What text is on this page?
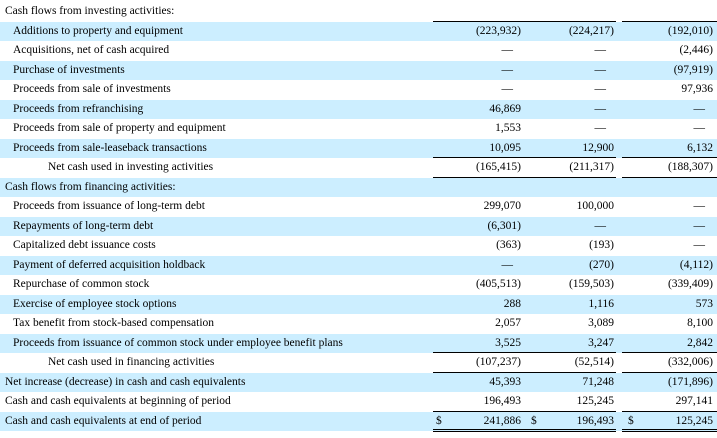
Cash flows from investing activities:
Additions to property and equipment	(223,932)	(224,217)	(192,010)
Acquisitions, net of cash acquired	—	—	(2,446)
Purchase of investments	—	—	(97,919)
Proceeds from sale of investments	—	—	97,936
Proceeds from refranchising	46,869	—	—
Proceeds from sale of property and equipment	1,553	—	—
Proceeds from sale-leaseback transactions	10,095	12,900	6,132
Net cash used in investing activities	(165,415)	(211,317)	(188,307)
Cash flows from financing activities:
Proceeds from issuance of long-term debt	299,070	100,000	—
Repayments of long-term debt	(6,301)	—	—
Capitalized debt issuance costs	(363)	(193)	—
Payment of deferred acquisition holdback	—	(270)	(4,112)
Repurchase of common stock	(405,513)	(159,503)	(339,409)
Exercise of employee stock options	288	1,116	573
Tax benefit from stock-based compensation	2,057	3,089	8,100
Proceeds from issuance of common stock under employee benefit plans	3,525	3,247	2,842
Net cash used in financing activities	(107,237)	(52,514)	(332,006)
Net increase (decrease) in cash and cash equivalents	45,393	71,248	(171,896)
Cash and cash equivalents at beginning of period	196,493	125,245	297,141
Cash and cash equivalents at end of period	241,886	196,493	125,245
$	$	$
